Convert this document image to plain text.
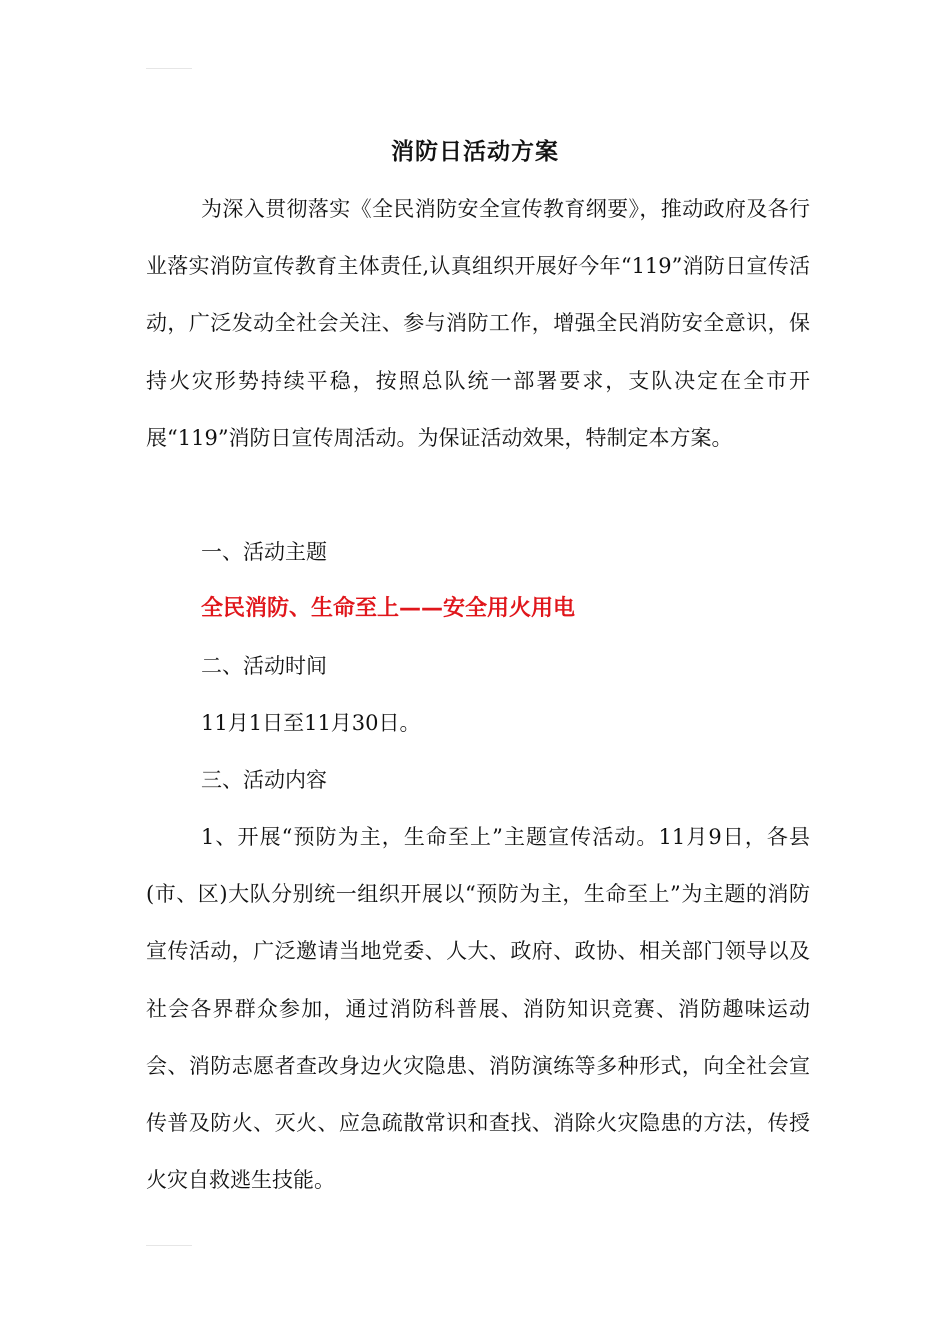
消防日活动方案

为深入贯彻落实《全民消防安全宣传教育纲要》，推动政府及各行业落实消防宣传教育主体责任,认真组织开展好今年“119”消防日宣传活动，广泛发动全社会关注、参与消防工作，增强全民消防安全意识，保持火灾形势持续平稳，按照总队统一部署要求，支队决定在全市开展“119”消防日宣传周活动。为保证活动效果，特制定本方案。

一、活动主题

全民消防、生命至上——安全用火用电

二、活动时间

11月1日至11月30日。

三、活动内容

1、开展“预防为主，生命至上”主题宣传活动。11月9日，各县(市、区)大队分别统一组织开展以“预防为主，生命至上”为主题的消防宣传活动，广泛邀请当地党委、人大、政府、政协、相关部门领导以及社会各界群众参加，通过消防科普展、消防知识竞赛、消防趣味运动会、消防志愿者查改身边火灾隐患、消防演练等多种形式，向全社会宣传普及防火、灭火、应急疏散常识和查找、消除火灾隐患的方法，传授火灾自救逃生技能。
